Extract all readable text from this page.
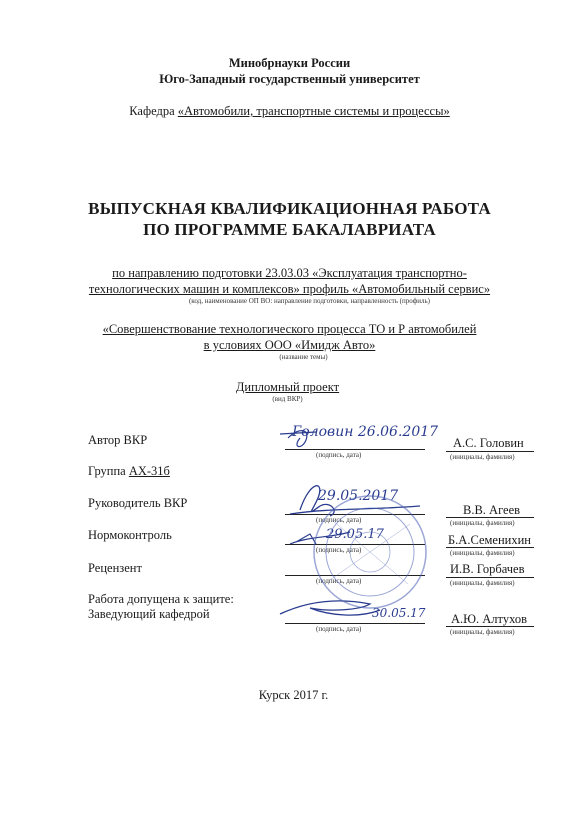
Минобрнауки России
Юго-Западный государственный университет
Кафедра «Автомобили, транспортные системы и процессы»
ВЫПУСКНАЯ КВАЛИФИКАЦИОННАЯ РАБОТА
ПО ПРОГРАММЕ БАКАЛАВРИАТА
по направлению подготовки 23.03.03 «Эксплуатация транспортно-
технологических машин и комплексов» профиль «Автомобильный сервис»
(код, наименование ОП ВО: направление подготовки, направленность (профиль)
«Совершенствование технологического процесса ТО и Р автомобилей
в условиях ООО «Имидж Авто»
(название темы)
Дипломный проект
(вид ВКР)
Автор ВКР
(подпись, дата)
А.С. Головин
(инициалы, фамилия)
Головин 26.06.2017
Группа АХ-31б
Руководитель ВКР
(подпись, дата)
В.В. Агеев
(инициалы, фамилия)
29.05.2017
Нормоконтроль
(подпись, дата)
Б.А.Семенихин
(инициалы, фамилия)
29.05.17
Рецензент
(подпись, дата)
И.В. Горбачев
(инициалы, фамилия)
Работа допущена к защите:
Заведующий кафедрой
(подпись, дата)
А.Ю. Алтухов
(инициалы, фамилия)
30.05.17
Курск 2017 г.
